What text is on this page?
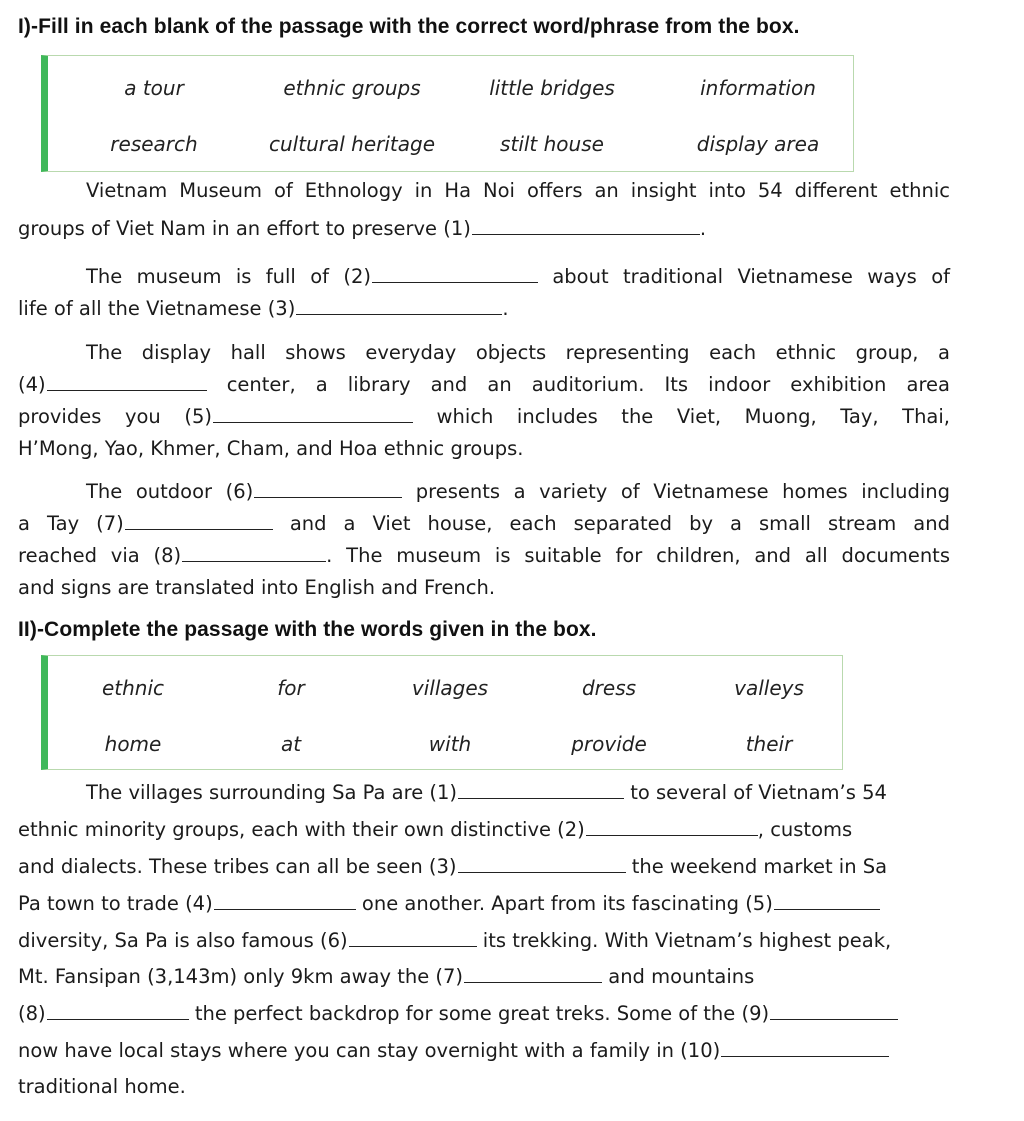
I)-Fill in each blank of the passage with the correct word/phrase from the box.
a tour	ethnic groups	little bridges	information
research	cultural heritage	stilt house	display area
Vietnam Museum of Ethnology in Ha Noi offers an insight into 54 different ethnic
groups of Viet Nam in an effort to preserve (1)	.
The museum is full of (2)	about traditional Vietnamese ways of
life of all the Vietnamese (3)	.
The display hall shows everyday objects representing each ethnic group, a
(4)	center, a library and an auditorium. Its indoor exhibition area
provides you (5)	which includes the Viet, Muong, Tay, Thai,
H’Mong, Yao, Khmer, Cham, and Hoa ethnic groups.
The outdoor (6)	presents a variety of Vietnamese homes including
a Tay (7)	and a Viet house, each separated by a small stream and
reached via (8)	. The museum is suitable for children, and all documents
and signs are translated into English and French.
II)-Complete the passage with the words given in the box.
ethnic	for	villages	dress	valleys
home	at	with	provide	their
The villages surrounding Sa Pa are (1)	to several of Vietnam’s 54
ethnic minority groups, each with their own distinctive (2)	, customs
and dialects. These tribes can all be seen (3)	the weekend market in Sa
Pa town to trade (4)	one another. Apart from its fascinating (5)
diversity, Sa Pa is also famous (6)	its trekking. With Vietnam’s highest peak,
Mt. Fansipan (3,143m) only 9km away the (7)	and mountains
(8)	the perfect backdrop for some great treks. Some of the (9)
now have local stays where you can stay overnight with a family in (10)
traditional home.
